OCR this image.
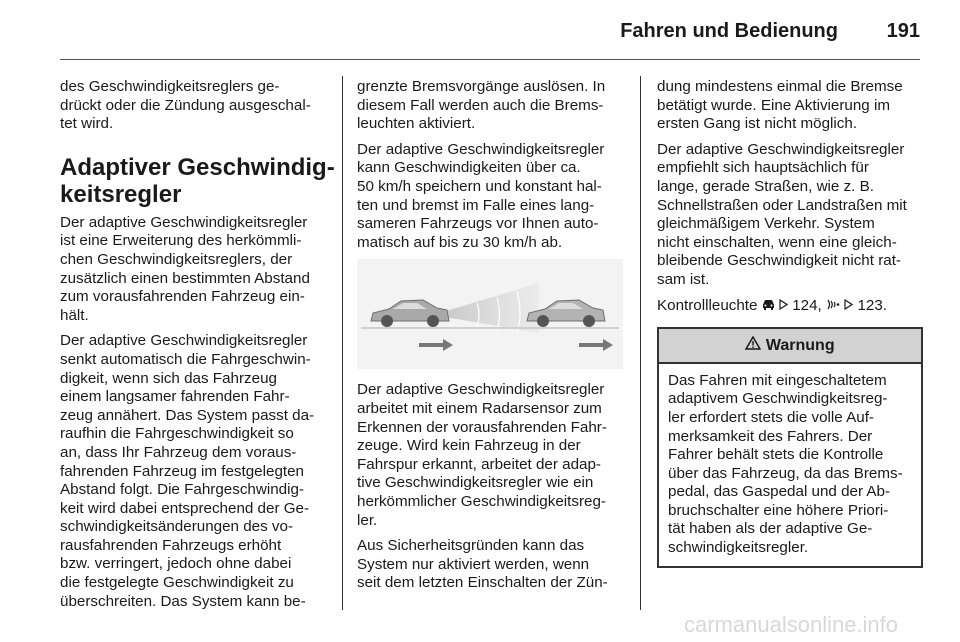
Fahren und Bedienung 191

des Geschwindigkeitsreglers ge-
drückt oder die Zündung ausgeschal-
tet wird.

Adaptiver Geschwindig-
keitsregler

Der adaptive Geschwindigkeitsregler
ist eine Erweiterung des herkömmli-
chen Geschwindigkeitsreglers, der
zusätzlich einen bestimmten Abstand
zum vorausfahrenden Fahrzeug ein-
hält.

Der adaptive Geschwindigkeitsregler
senkt automatisch die Fahrgeschwin-
digkeit, wenn sich das Fahrzeug
einem langsamer fahrenden Fahr-
zeug annähert. Das System passt da-
raufhin die Fahrgeschwindigkeit so
an, dass Ihr Fahrzeug dem voraus-
fahrenden Fahrzeug im festgelegten
Abstand folgt. Die Fahrgeschwindig-
keit wird dabei entsprechend der Ge-
schwindigkeitsänderungen des vo-
rausfahrenden Fahrzeugs erhöht
bzw. verringert, jedoch ohne dabei
die festgelegte Geschwindigkeit zu
überschreiten. Das System kann be-

grenzte Bremsvorgänge auslösen. In
diesem Fall werden auch die Brems-
leuchten aktiviert.

Der adaptive Geschwindigkeitsregler
kann Geschwindigkeiten über ca.
50 km/h speichern und konstant hal-
ten und bremst im Falle eines lang-
sameren Fahrzeugs vor Ihnen auto-
matisch auf bis zu 30 km/h ab.

Der adaptive Geschwindigkeitsregler
arbeitet mit einem Radarsensor zum
Erkennen der vorausfahrenden Fahr-
zeuge. Wird kein Fahrzeug in der
Fahrspur erkannt, arbeitet der adap-
tive Geschwindigkeitsregler wie ein
herkömmlicher Geschwindigkeitsreg-
ler.

Aus Sicherheitsgründen kann das
System nur aktiviert werden, wenn
seit dem letzten Einschalten der Zün-

dung mindestens einmal die Bremse
betätigt wurde. Eine Aktivierung im
ersten Gang ist nicht möglich.

Der adaptive Geschwindigkeitsregler
empfiehlt sich hauptsächlich für
lange, gerade Straßen, wie z. B.
Schnellstraßen oder Landstraßen mit
gleichmäßigem Verkehr. System
nicht einschalten, wenn eine gleich-
bleibende Geschwindigkeit nicht rat-
sam ist.

Kontrollleuchte 124, 123.

Warnung
Das Fahren mit eingeschaltetem
adaptivem Geschwindigkeitsreg-
ler erfordert stets die volle Auf-
merksamkeit des Fahrers. Der
Fahrer behält stets die Kontrolle
über das Fahrzeug, da das Brems-
pedal, das Gaspedal und der Ab-
bruchschalter eine höhere Priori-
tät haben als der adaptive Ge-
schwindigkeitsregler.
carmanualsonline.info
